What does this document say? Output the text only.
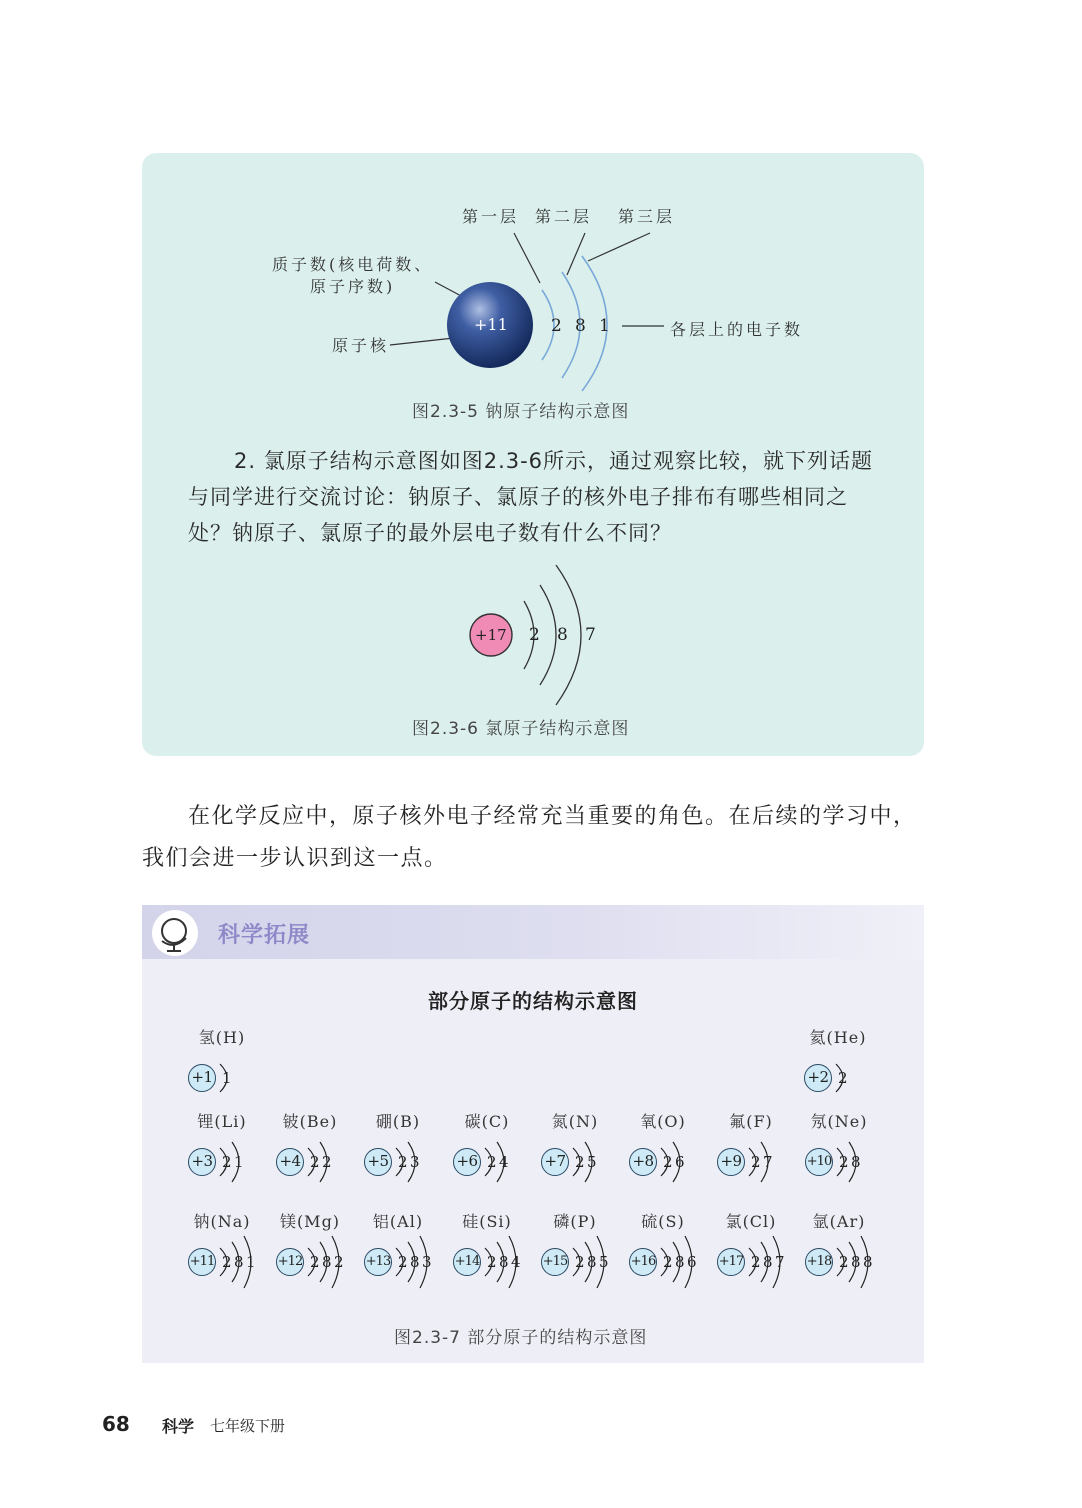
第一层 第二层 第三层
质子数(核电荷数、
原子序数)
原子核
各层上的电子数
+11	2 8 1
图2.3-5 钠原子结构示意图
2. 氯原子结构示意图如图2.3-6所示，通过观察比较，就下列话题与同学进行交流讨论：钠原子、氯原子的核外电子排布有哪些相同之处？钠原子、氯原子的最外层电子数有什么不同？
+17 2 8 7
图2.3-6 氯原子结构示意图
在化学反应中，原子核外电子经常充当重要的角色。在后续的学习中，我们会进一步认识到这一点。
科学拓展
部分原子的结构示意图
氢(H)
+1 1
氦(He)
+2 2
锂(Li)
+3 2 1
铍(Be)
+4 2 2
硼(B)
+5 2 3
碳(C)
+6 2 4
氮(N)
+7 2 5
氧(O)
+8 2 6
氟(F)
+9 2 7
氖(Ne)
+10 2 8
钠(Na)
+11 2 8 1
镁(Mg)
+12 2 8 2
铝(Al)
+13 2 8 3
硅(Si)
+14 2 8 4
磷(P)
+15 2 8 5
硫(S)
+16 2 8 6
氯(Cl)
+17 2 8 7
氩(Ar)
+18 2 8 8
图2.3-7 部分原子的结构示意图
68 科学 七年级下册
